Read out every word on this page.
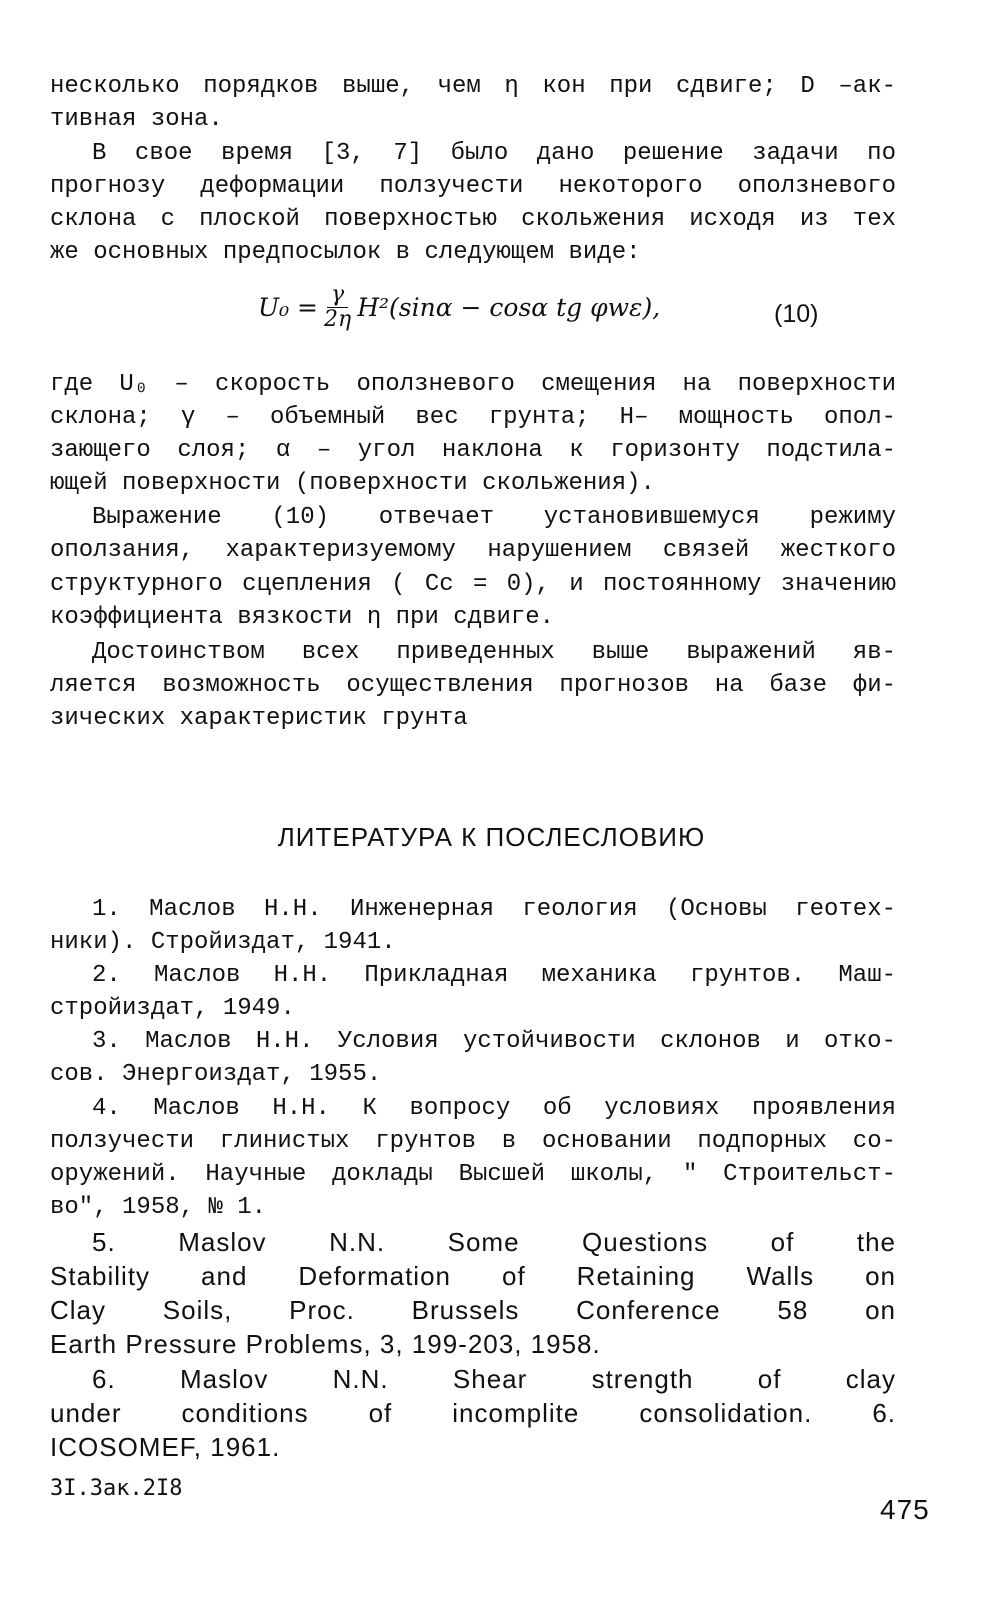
несколько порядков выше, чем η кон при сдвиге; D –ак-
тивная зона.
В свое время [3, 7] было дано решение задачи по
прогнозу деформации ползучести некоторого оползневого
склона с плоской поверхностью скольжения исходя из тех
же основных предпосылок в следующем виде:
$U_0 = \frac{\gamma}{2\eta} H^2(\sin\alpha - \cos\alpha$ tg φwε),	(10)
где U₀ – скорость оползневого смещения на поверхности
склона; γ – объемный вес грунта; H– мощность опол-
зающего слоя; α – угол наклона к горизонту подстила-
ющей поверхности (поверхности скольжения).
Выражение (10) отвечает установившемуся режиму
оползания, характеризуемому нарушением связей жесткого
структурного сцепления ( Cc = 0), и постоянному значению
коэффициента вязкости η при сдвиге.
Достоинством всех приведенных выше выражений яв-
ляется возможность осуществления прогнозов на базе фи-
зических характеристик грунта
ЛИТЕРАТУРА К ПОСЛЕСЛОВИЮ
1. Маслов Н.Н. Инженерная геология (Основы геотех-
ники). Стройиздат, 1941.
2. Маслов Н.Н. Прикладная механика грунтов. Маш-
стройиздат, 1949.
3. Маслов Н.Н. Условия устойчивости склонов и отко-
сов. Энергоиздат, 1955.
4. Маслов Н.Н. К вопросу об условиях проявления
ползучести глинистых грунтов в основании подпорных со-
оружений. Научные доклады Высшей школы, " Строительст-
во", 1958, № 1.
5. Maslov N.N. Some Questions of the
Stability and Deformation of Retaining Walls on
Clay Soils, Proc. Brussels Conference 58 on
Earth Pressure Problems, 3, 199-203, 1958.
6. Maslov N.N. Shear strength of clay
under conditions of incomplite consolidation. 6.
ICOSOMEF, 1961.
3I.Зак.2I8
475
